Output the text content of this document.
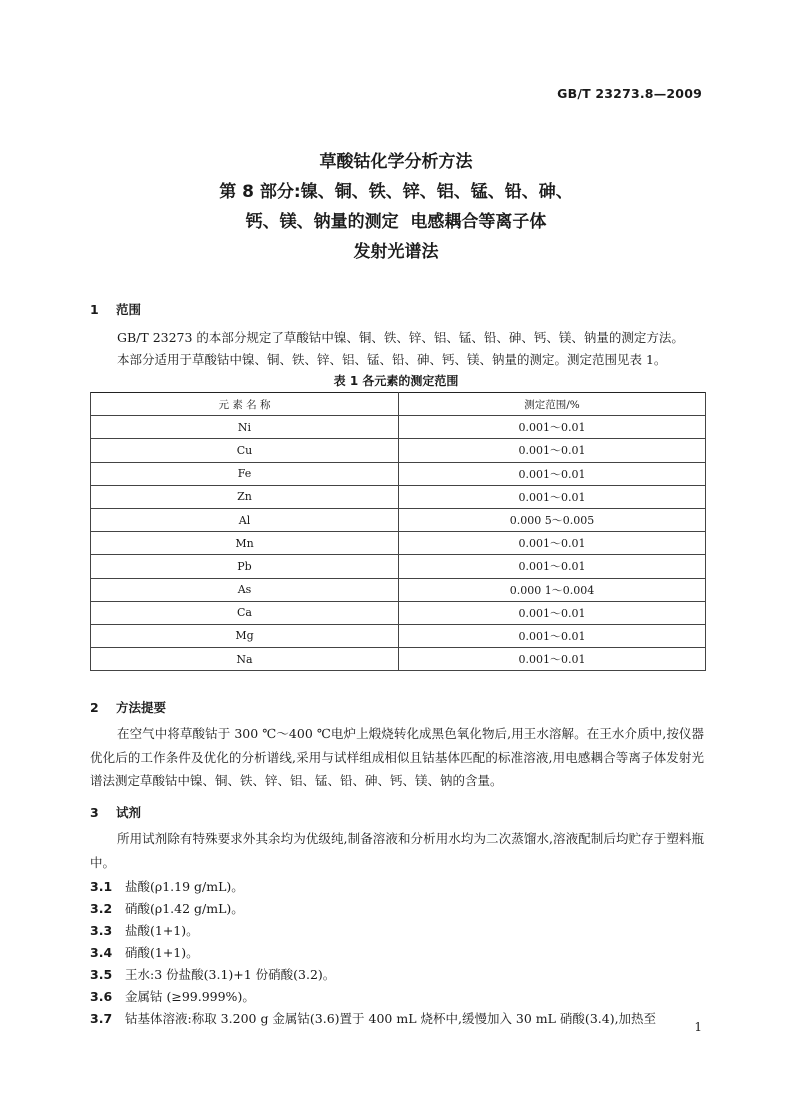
GB/T 23273.8—2009
草酸钴化学分析方法
第 8 部分:镍、铜、铁、锌、铝、锰、铅、砷、
钙、镁、钠量的测定  电感耦合等离子体
发射光谱法
1 范围
GB/T 23273 的本部分规定了草酸钴中镍、铜、铁、锌、铝、锰、铅、砷、钙、镁、钠量的测定方法。
本部分适用于草酸钴中镍、铜、铁、锌、铝、锰、铅、砷、钙、镁、钠量的测定。测定范围见表 1。
表 1 各元素的测定范围
元 素 名 称	测定范围/%
Ni	0.001～0.01
Cu	0.001～0.01
Fe	0.001～0.01
Zn	0.001～0.01
Al	0.000 5～0.005
Mn	0.001～0.01
Pb	0.001～0.01
As	0.000 1～0.004
Ca	0.001～0.01
Mg	0.001～0.01
Na	0.001～0.01
2 方法提要
在空气中将草酸钴于 300 ℃～400 ℃电炉上煅烧转化成黑色氧化物后,用王水溶解。在王水介质中,按仪器优化后的工作条件及优化的分析谱线,采用与试样组成相似且钴基体匹配的标准溶液,用电感耦合等离子体发射光谱法测定草酸钴中镍、铜、铁、锌、铝、锰、铅、砷、钙、镁、钠的含量。
3 试剂
所用试剂除有特殊要求外其余均为优级纯,制备溶液和分析用水均为二次蒸馏水,溶液配制后均贮存于塑料瓶中。
3.1 盐酸(ρ1.19 g/mL)。
3.2 硝酸(ρ1.42 g/mL)。
3.3 盐酸(1+1)。
3.4 硝酸(1+1)。
3.5 王水:3 份盐酸(3.1)+1 份硝酸(3.2)。
3.6 金属钴 (≥99.999%)。
3.7 钴基体溶液:称取 3.200 g 金属钴(3.6)置于 400 mL 烧杯中,缓慢加入 30 mL 硝酸(3.4),加热至
1
